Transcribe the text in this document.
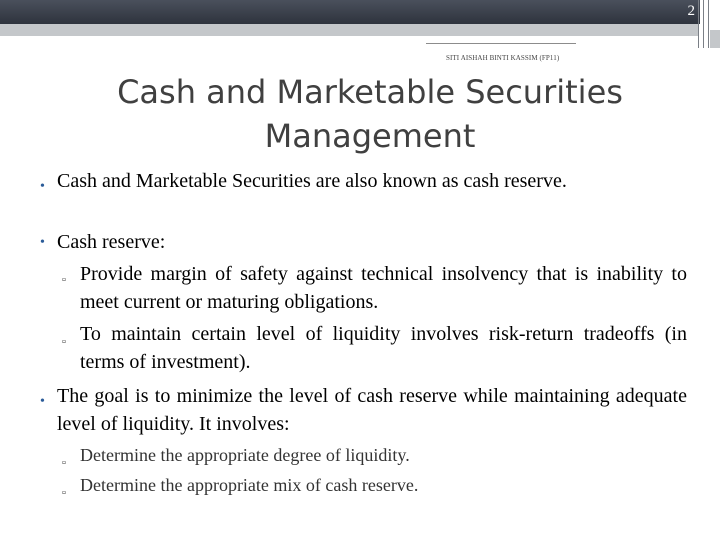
2
SITI AISHAH BINTI KASSIM (FP11)
Cash and Marketable Securities Management
• Cash and Marketable Securities are also known as cash reserve.
• Cash reserve:
▫ Provide margin of safety against technical insolvency that is inability to meet current or maturing obligations.
▫ To maintain certain level of liquidity involves risk-return tradeoffs (in terms of investment).
• The goal is to minimize the level of cash reserve while maintaining adequate level of liquidity. It involves:
▫ Determine the appropriate degree of liquidity.
▫ Determine the appropriate mix of cash reserve.
